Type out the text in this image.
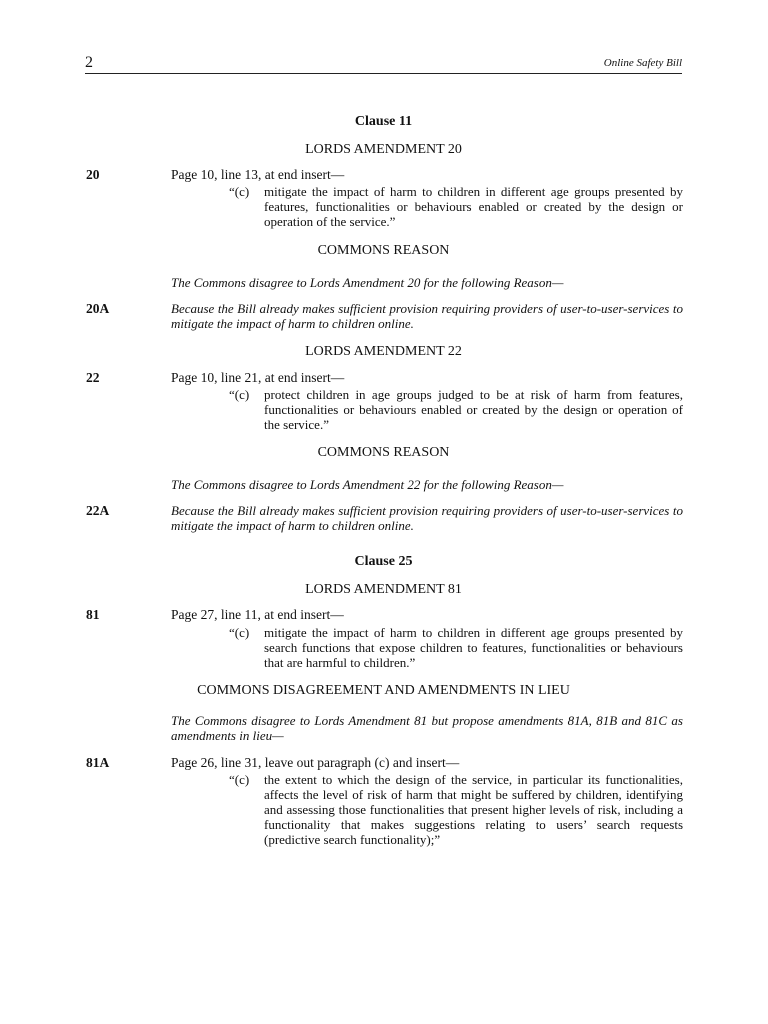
2	Online Safety Bill
Clause 11
LORDS AMENDMENT 20
20	Page 10, line 13, at end insert—
“(c) mitigate the impact of harm to children in different age groups presented by features, functionalities or behaviours enabled or created by the design or operation of the service.”
COMMONS REASON
The Commons disagree to Lords Amendment 20 for the following Reason—
20A	Because the Bill already makes sufficient provision requiring providers of user-to-user-services to mitigate the impact of harm to children online.
LORDS AMENDMENT 22
22	Page 10, line 21, at end insert—
“(c) protect children in age groups judged to be at risk of harm from features, functionalities or behaviours enabled or created by the design or operation of the service.”
COMMONS REASON
The Commons disagree to Lords Amendment 22 for the following Reason—
22A	Because the Bill already makes sufficient provision requiring providers of user-to-user-services to mitigate the impact of harm to children online.
Clause 25
LORDS AMENDMENT 81
81	Page 27, line 11, at end insert—
“(c) mitigate the impact of harm to children in different age groups presented by search functions that expose children to features, functionalities or behaviours that are harmful to children.”
COMMONS DISAGREEMENT AND AMENDMENTS IN LIEU
The Commons disagree to Lords Amendment 81 but propose amendments 81A, 81B and 81C as amendments in lieu—
81A	Page 26, line 31, leave out paragraph (c) and insert—
“(c) the extent to which the design of the service, in particular its functionalities, affects the level of risk of harm that might be suffered by children, identifying and assessing those functionalities that present higher levels of risk, including a functionality that makes suggestions relating to users’ search requests (predictive search functionality);”
